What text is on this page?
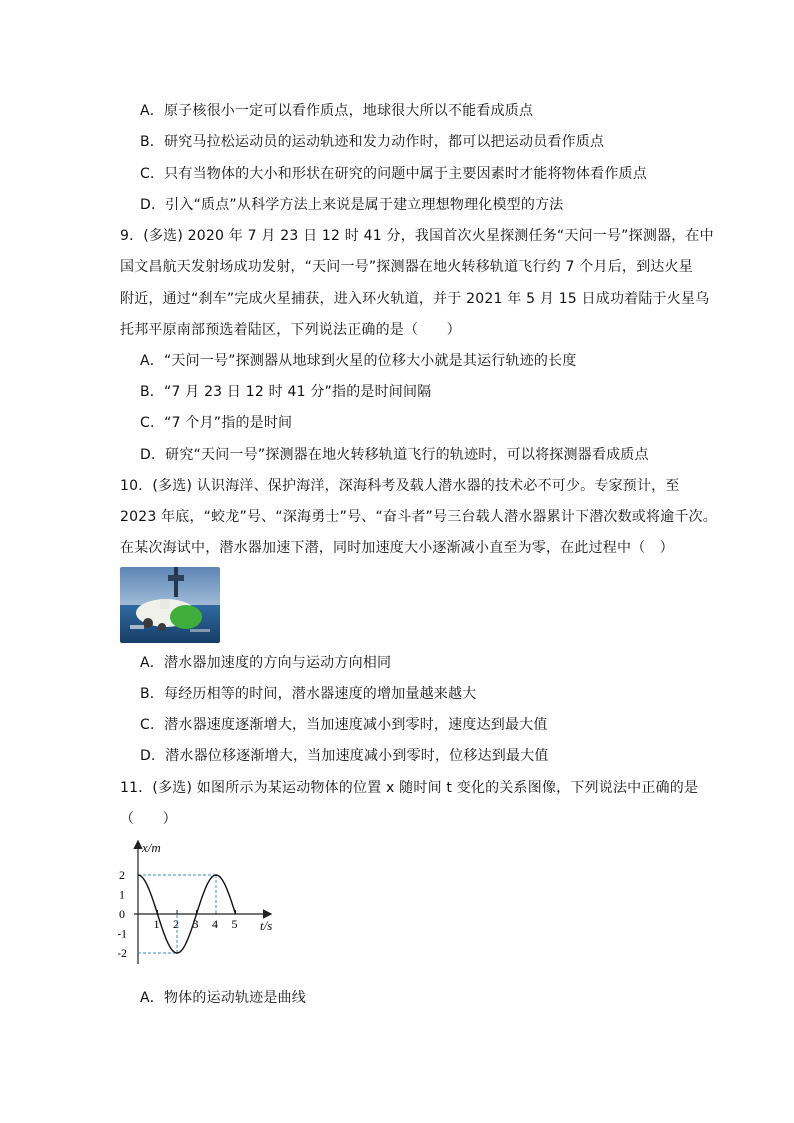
A．原子核很小一定可以看作质点，地球很大所以不能看成质点
B．研究马拉松运动员的运动轨迹和发力动作时，都可以把运动员看作质点
C．只有当物体的大小和形状在研究的问题中属于主要因素时才能将物体看作质点
D．引入“质点”从科学方法上来说是属于建立理想物理化模型的方法
9．(多选) 2020 年 7 月 23 日 12 时 41 分，我国首次火星探测任务“天问一号”探测器，在中
国文昌航天发射场成功发射，“天问一号”探测器在地火转移轨道飞行约 7 个月后，到达火星
附近，通过“刹车”完成火星捕获，进入环火轨道，并于 2021 年 5 月 15 日成功着陆于火星乌
托邦平原南部预选着陆区，下列说法正确的是（　　）
A．“天问一号”探测器从地球到火星的位移大小就是其运行轨迹的长度
B．“7 月 23 日 12 时 41 分”指的是时间间隔
C．“7 个月”指的是时间
D．研究“天问一号”探测器在地火转移轨道飞行的轨迹时，可以将探测器看成质点
10．(多选) 认识海洋、保护海洋，深海科考及载人潜水器的技术必不可少。专家预计，至
2023 年底，“蛟龙”号、“深海勇士”号、“奋斗者”号三台载人潜水器累计下潜次数或将逾千次。
在某次海试中，潜水器加速下潜，同时加速度大小逐渐减小直至为零，在此过程中（　）
A．潜水器加速度的方向与运动方向相同
B．每经历相等的时间，潜水器速度的增加量越来越大
C．潜水器速度逐渐增大，当加速度减小到零时，速度达到最大值
D．潜水器位移逐渐增大，当加速度减小到零时，位移达到最大值
11．(多选) 如图所示为某运动物体的位置 x 随时间 t 变化的关系图像，下列说法中正确的是
（　　）
x/m
t/s
1 2 3 4 5
2
1
0
-1
-2
A．物体的运动轨迹是曲线
